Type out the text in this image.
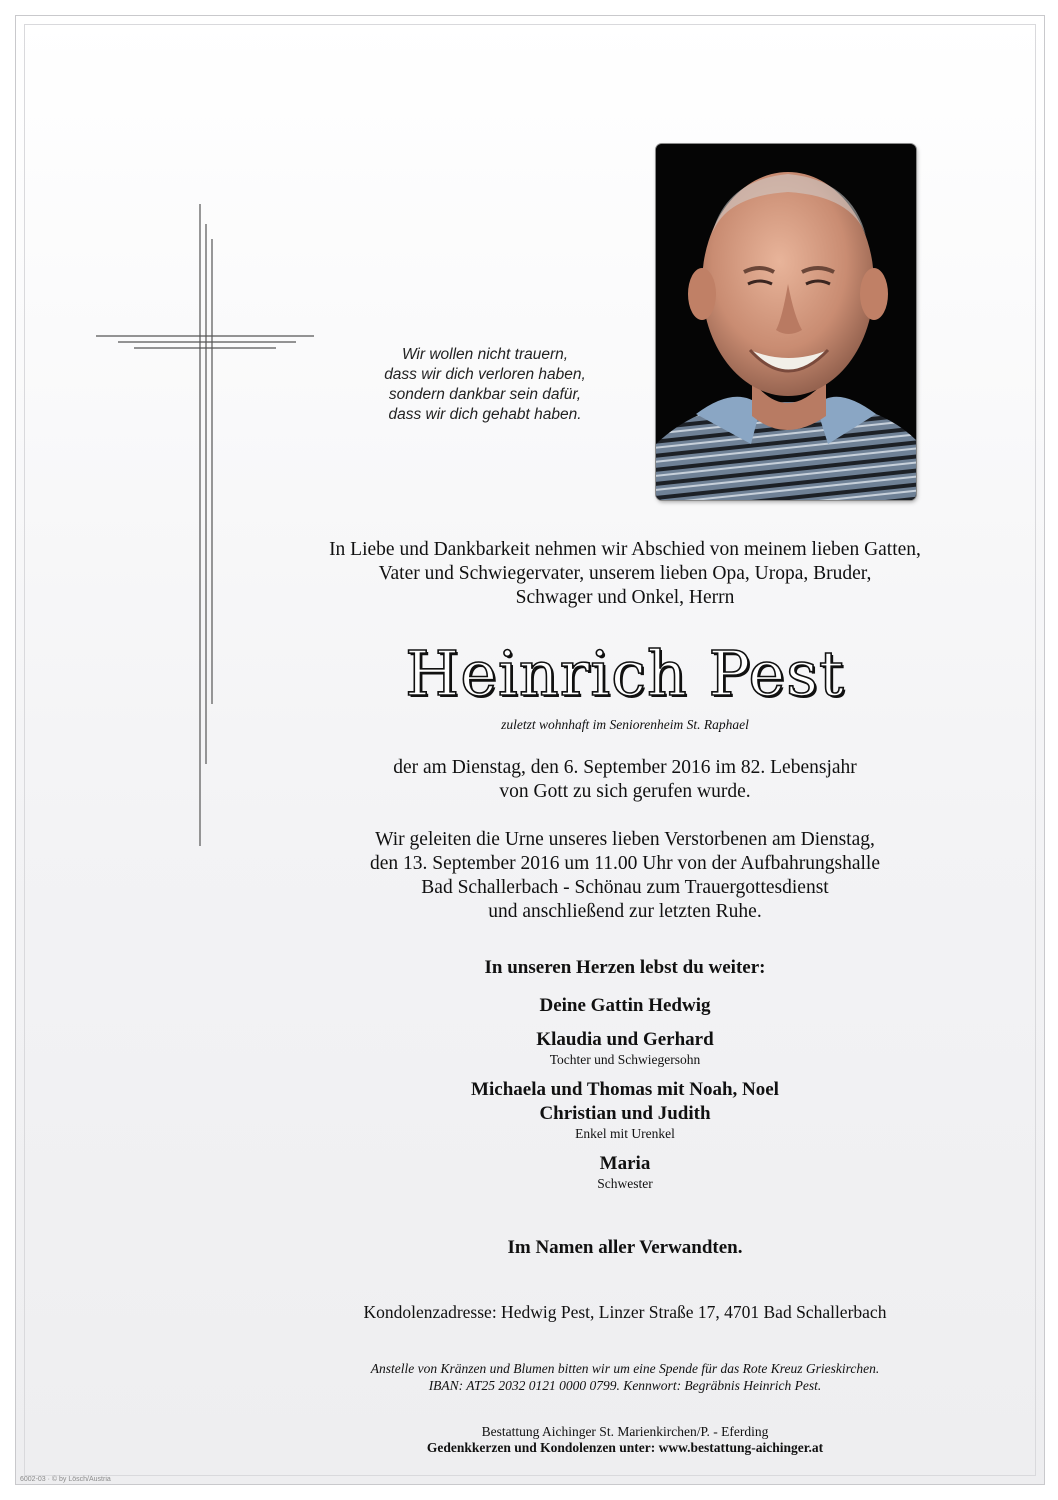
Wir wollen nicht trauern,
dass wir dich verloren haben,
sondern dankbar sein dafür,
dass wir dich gehabt haben.
In Liebe und Dankbarkeit nehmen wir Abschied von meinem lieben Gatten,
Vater und Schwiegervater, unserem lieben Opa, Uropa, Bruder,
Schwager und Onkel, Herrn
Heinrich Pest
zuletzt wohnhaft im Seniorenheim St. Raphael
der am Dienstag, den 6. September 2016 im 82. Lebensjahr
von Gott zu sich gerufen wurde.
Wir geleiten die Urne unseres lieben Verstorbenen am Dienstag,
den 13. September 2016 um 11.00 Uhr von der Aufbahrungshalle
Bad Schallerbach - Schönau zum Trauergottesdienst
und anschließend zur letzten Ruhe.
In unseren Herzen lebst du weiter:
Deine Gattin Hedwig
Klaudia und Gerhard
Tochter und Schwiegersohn
Michaela und Thomas mit Noah, Noel
Christian und Judith
Enkel mit Urenkel
Maria
Schwester
Im Namen aller Verwandten.
Kondolenzadresse: Hedwig Pest, Linzer Straße 17, 4701 Bad Schallerbach
Anstelle von Kränzen und Blumen bitten wir um eine Spende für das Rote Kreuz Grieskirchen.
IBAN: AT25 2032 0121 0000 0799. Kennwort: Begräbnis Heinrich Pest.
Bestattung Aichinger St. Marienkirchen/P. - Eferding
Gedenkkerzen und Kondolenzen unter: www.bestattung-aichinger.at
6002-03 · © by Lösch/Austria
